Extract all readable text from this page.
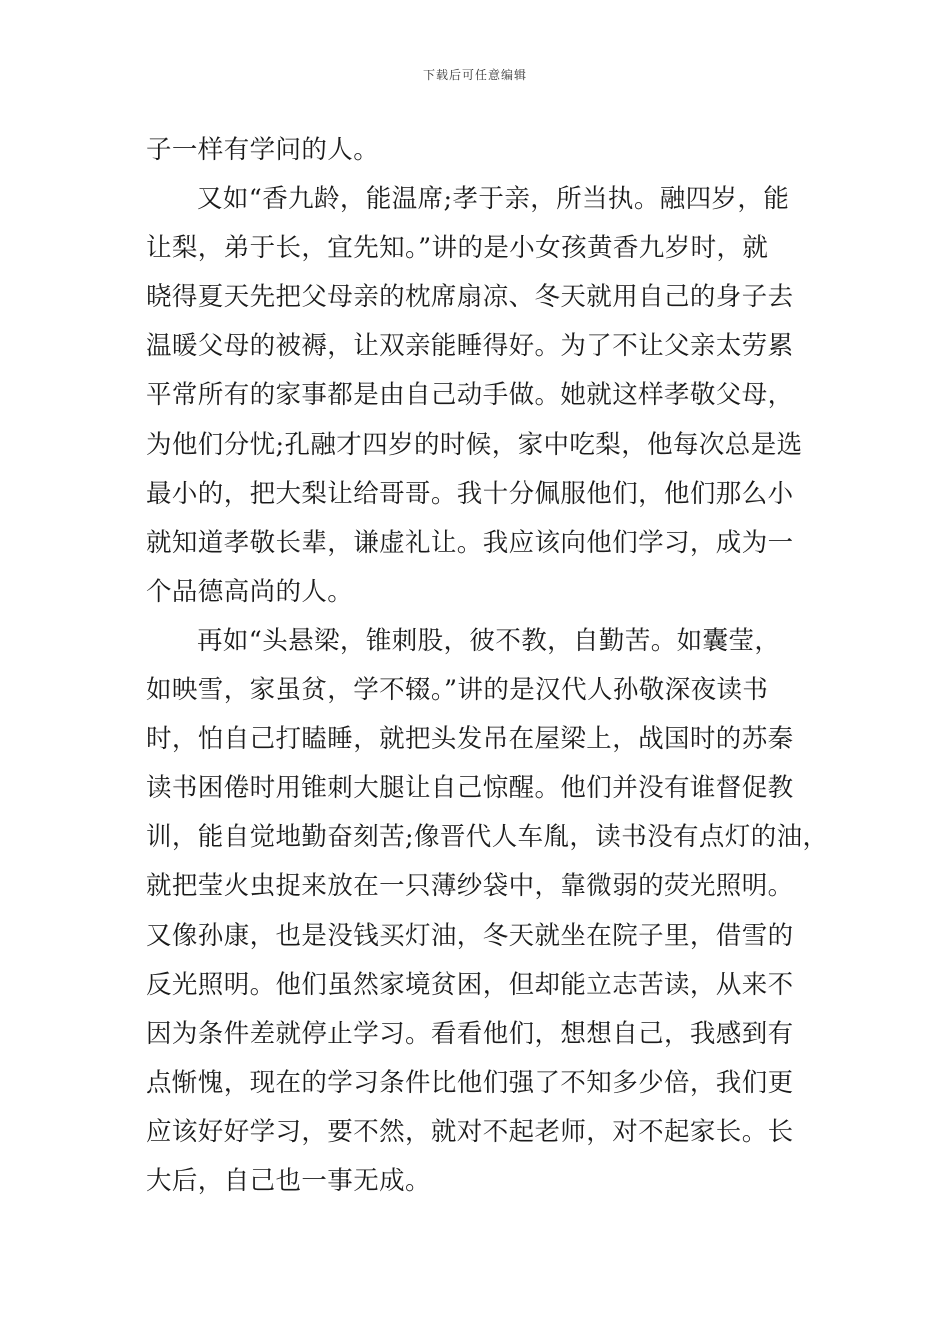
下载后可任意编辑
子一样有学问的人。
又如“香九龄，能温席;孝于亲，所当执。融四岁，能
让梨，弟于长，宜先知。”讲的是小女孩黄香九岁时，就
晓得夏天先把父母亲的枕席扇凉、冬天就用自己的身子去
温暖父母的被褥，让双亲能睡得好。为了不让父亲太劳累
平常所有的家事都是由自己动手做。她就这样孝敬父母，
为他们分忧;孔融才四岁的时候，家中吃梨，他每次总是选
最小的，把大梨让给哥哥。我十分佩服他们，他们那么小
就知道孝敬长辈，谦虚礼让。我应该向他们学习，成为一
个品德高尚的人。
再如“头悬梁，锥刺股，彼不教，自勤苦。如囊莹，
如映雪，家虽贫，学不辍。”讲的是汉代人孙敬深夜读书
时，怕自己打瞌睡，就把头发吊在屋梁上，战国时的苏秦
读书困倦时用锥刺大腿让自己惊醒。他们并没有谁督促教
训，能自觉地勤奋刻苦;像晋代人车胤，读书没有点灯的油，
就把莹火虫捉来放在一只薄纱袋中，靠微弱的荧光照明。
又像孙康，也是没钱买灯油，冬天就坐在院子里，借雪的
反光照明。他们虽然家境贫困，但却能立志苦读，从来不
因为条件差就停止学习。看看他们，想想自己，我感到有
点惭愧，现在的学习条件比他们强了不知多少倍，我们更
应该好好学习，要不然，就对不起老师，对不起家长。长
大后，自己也一事无成。
